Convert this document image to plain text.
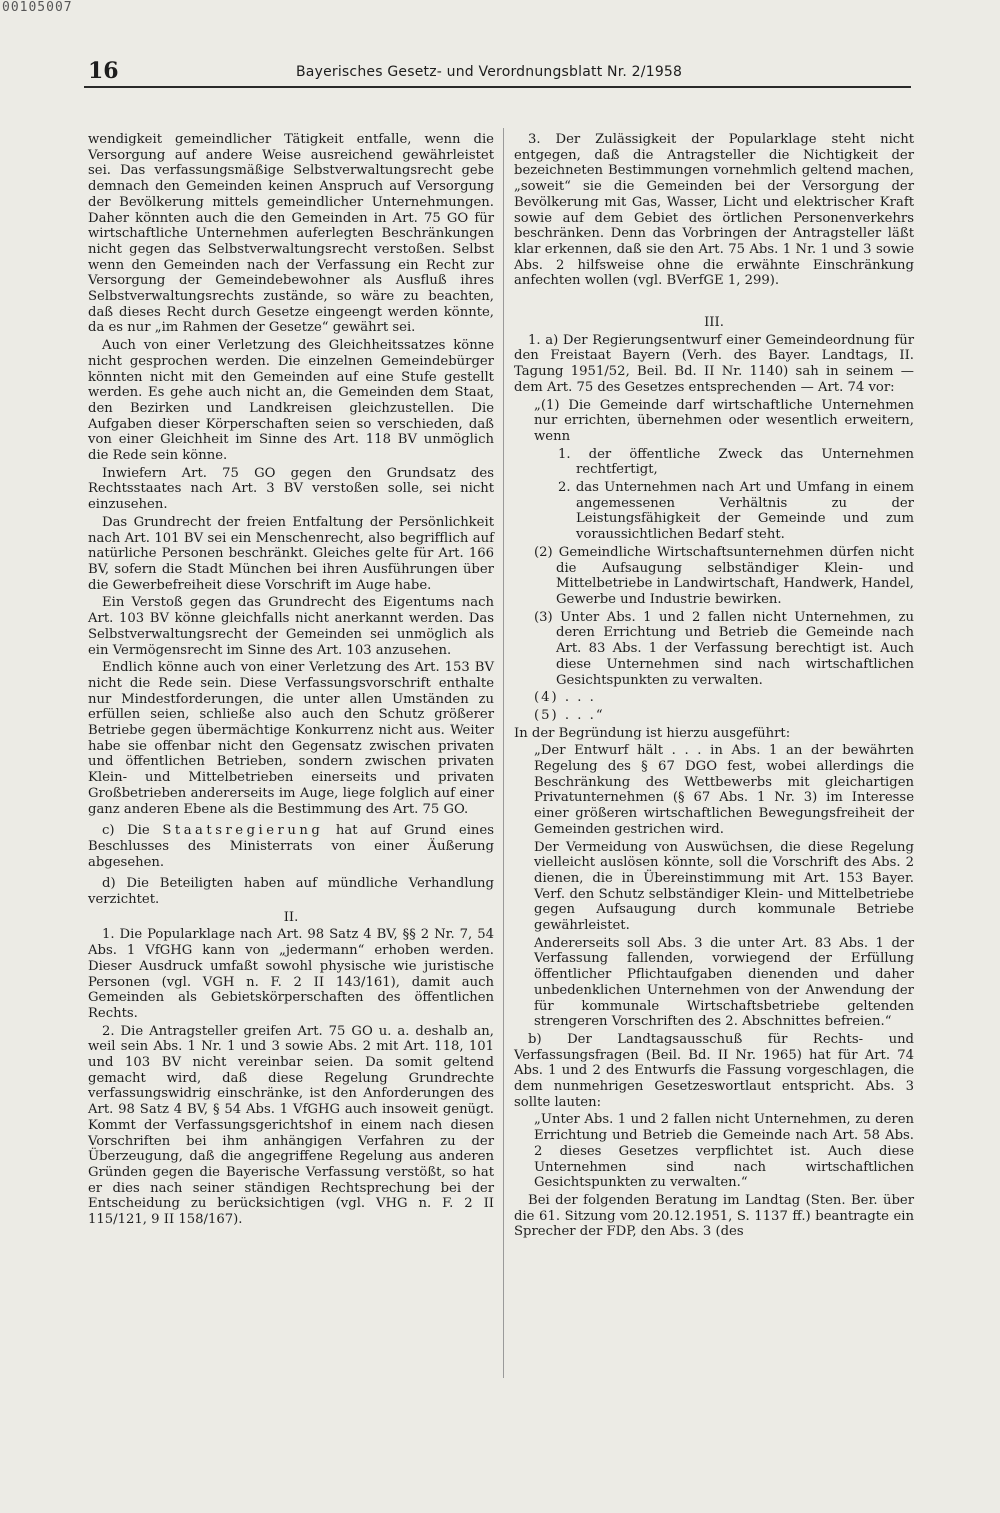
00105007
16	Bayerisches Gesetz- und Verordnungsblatt Nr. 2/1958

wendigkeit gemeindlicher Tätigkeit entfalle, wenn die Versorgung auf andere Weise ausreichend gewährleistet sei. Das verfassungsmäßige Selbstverwaltungsrecht gebe demnach den Gemeinden keinen Anspruch auf Versorgung der Bevölkerung mittels gemeindlicher Unternehmungen. Daher könnten auch die den Gemeinden in Art. 75 GO für wirtschaftliche Unternehmen auferlegten Beschränkungen nicht gegen das Selbstverwaltungsrecht verstoßen. Selbst wenn den Gemeinden nach der Verfassung ein Recht zur Versorgung der Gemeindebewohner als Ausfluß ihres Selbstverwaltungsrechts zustände, so wäre zu beachten, daß dieses Recht durch Gesetze eingeengt werden könnte, da es nur „im Rahmen der Gesetze“ gewährt sei.

Auch von einer Verletzung des Gleichheitssatzes könne nicht gesprochen werden. Die einzelnen Gemeindebürger könnten nicht mit den Gemeinden auf eine Stufe gestellt werden. Es gehe auch nicht an, die Gemeinden dem Staat, den Bezirken und Landkreisen gleichzustellen. Die Aufgaben dieser Körperschaften seien so verschieden, daß von einer Gleichheit im Sinne des Art. 118 BV unmöglich die Rede sein könne.

Inwiefern Art. 75 GO gegen den Grundsatz des Rechtsstaates nach Art. 3 BV verstoßen solle, sei nicht einzusehen.

Das Grundrecht der freien Entfaltung der Persönlichkeit nach Art. 101 BV sei ein Menschenrecht, also begrifflich auf natürliche Personen beschränkt. Gleiches gelte für Art. 166 BV, sofern die Stadt München bei ihren Ausführungen über die Gewerbefreiheit diese Vorschrift im Auge habe.

Ein Verstoß gegen das Grundrecht des Eigentums nach Art. 103 BV könne gleichfalls nicht anerkannt werden. Das Selbstverwaltungsrecht der Gemeinden sei unmöglich als ein Vermögensrecht im Sinne des Art. 103 anzusehen.

Endlich könne auch von einer Verletzung des Art. 153 BV nicht die Rede sein. Diese Verfassungsvorschrift enthalte nur Mindestforderungen, die unter allen Umständen zu erfüllen seien, schließe also auch den Schutz größerer Betriebe gegen übermächtige Konkurrenz nicht aus. Weiter habe sie offenbar nicht den Gegensatz zwischen privaten und öffentlichen Betrieben, sondern zwischen privaten Klein- und Mittelbetrieben einerseits und privaten Großbetrieben andererseits im Auge, liege folglich auf einer ganz anderen Ebene als die Bestimmung des Art. 75 GO.

c) Die Staatsregierung hat auf Grund eines Beschlusses des Ministerrats von einer Äußerung abgesehen.

d) Die Beteiligten haben auf mündliche Verhandlung verzichtet.

II.

1. Die Popularklage nach Art. 98 Satz 4 BV, §§ 2 Nr. 7, 54 Abs. 1 VfGHG kann von „jedermann“ erhoben werden. Dieser Ausdruck umfaßt sowohl physische wie juristische Personen (vgl. VGH n. F. 2 II 143/161), damit auch Gemeinden als Gebietskörperschaften des öffentlichen Rechts.

2. Die Antragsteller greifen Art. 75 GO u. a. deshalb an, weil sein Abs. 1 Nr. 1 und 3 sowie Abs. 2 mit Art. 118, 101 und 103 BV nicht vereinbar seien. Da somit geltend gemacht wird, daß diese Regelung Grundrechte verfassungswidrig einschränke, ist den Anforderungen des Art. 98 Satz 4 BV, § 54 Abs. 1 VfGHG auch insoweit genügt. Kommt der Verfassungsgerichtshof in einem nach diesen Vorschriften bei ihm anhängigen Verfahren zu der Überzeugung, daß die angegriffene Regelung aus anderen Gründen gegen die Bayerische Verfassung verstößt, so hat er dies nach seiner ständigen Rechtsprechung bei der Entscheidung zu berücksichtigen (vgl. VHG n. F. 2 II 115/121, 9 II 158/167).

3. Der Zulässigkeit der Popularklage steht nicht entgegen, daß die Antragsteller die Nichtigkeit der bezeichneten Bestimmungen vornehmlich geltend machen, „soweit“ sie die Gemeinden bei der Versorgung der Bevölkerung mit Gas, Wasser, Licht und elektrischer Kraft sowie auf dem Gebiet des örtlichen Personenverkehrs beschränken. Denn das Vorbringen der Antragsteller läßt klar erkennen, daß sie den Art. 75 Abs. 1 Nr. 1 und 3 sowie Abs. 2 hilfsweise ohne die erwähnte Einschränkung anfechten wollen (vgl. BVerfGE 1, 299).

III.

1. a) Der Regierungsentwurf einer Gemeindeordnung für den Freistaat Bayern (Verh. des Bayer. Landtags, II. Tagung 1951/52, Beil. Bd. II Nr. 1140) sah in seinem — dem Art. 75 des Gesetzes entsprechenden — Art. 74 vor:

„(1) Die Gemeinde darf wirtschaftliche Unternehmen nur errichten, übernehmen oder wesentlich erweitern, wenn

1. der öffentliche Zweck das Unternehmen rechtfertigt,

2. das Unternehmen nach Art und Umfang in einem angemessenen Verhältnis zu der Leistungsfähigkeit der Gemeinde und zum voraussichtlichen Bedarf steht.

(2) Gemeindliche Wirtschaftsunternehmen dürfen nicht die Aufsaugung selbständiger Klein- und Mittelbetriebe in Landwirtschaft, Handwerk, Handel, Gewerbe und Industrie bewirken.

(3) Unter Abs. 1 und 2 fallen nicht Unternehmen, zu deren Errichtung und Betrieb die Gemeinde nach Art. 83 Abs. 1 der Verfassung berechtigt ist. Auch diese Unternehmen sind nach wirtschaftlichen Gesichtspunkten zu verwalten.

(4) . . .

(5) . . .“

In der Begründung ist hierzu ausgeführt:

„Der Entwurf hält . . . in Abs. 1 an der bewährten Regelung des § 67 DGO fest, wobei allerdings die Beschränkung des Wettbewerbs mit gleichartigen Privatunternehmen (§ 67 Abs. 1 Nr. 3) im Interesse einer größeren wirtschaftlichen Bewegungsfreiheit der Gemeinden gestrichen wird.

Der Vermeidung von Auswüchsen, die diese Regelung vielleicht auslösen könnte, soll die Vorschrift des Abs. 2 dienen, die in Übereinstimmung mit Art. 153 Bayer. Verf. den Schutz selbständiger Klein- und Mittelbetriebe gegen Aufsaugung durch kommunale Betriebe gewährleistet.

Andererseits soll Abs. 3 die unter Art. 83 Abs. 1 der Verfassung fallenden, vorwiegend der Erfüllung öffentlicher Pflichtaufgaben dienenden und daher unbedenklichen Unternehmen von der Anwendung der für kommunale Wirtschaftsbetriebe geltenden strengeren Vorschriften des 2. Abschnittes befreien.“

b) Der Landtagsausschuß für Rechts- und Verfassungsfragen (Beil. Bd. II Nr. 1965) hat für Art. 74 Abs. 1 und 2 des Entwurfs die Fassung vorgeschlagen, die dem nunmehrigen Gesetzeswortlaut entspricht. Abs. 3 sollte lauten:

„Unter Abs. 1 und 2 fallen nicht Unternehmen, zu deren Errichtung und Betrieb die Gemeinde nach Art. 58 Abs. 2 dieses Gesetzes verpflichtet ist. Auch diese Unternehmen sind nach wirtschaftlichen Gesichtspunkten zu verwalten.“

Bei der folgenden Beratung im Landtag (Sten. Ber. über die 61. Sitzung vom 20.12.1951, S. 1137 ff.) beantragte ein Sprecher der FDP, den Abs. 3 (des
